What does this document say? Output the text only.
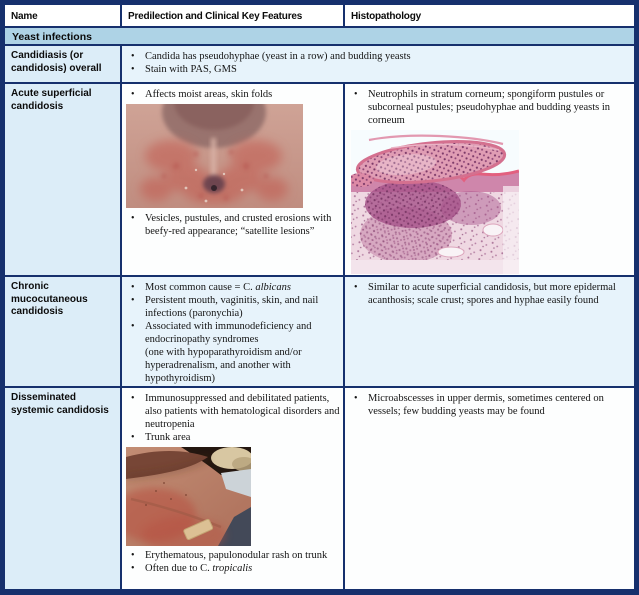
Name	Predilection and Clinical Key Features	Histopathology
Yeast infections
Candidiasis (or candidosis) overall
• Candida has pseudohyphae (yeast in a row) and budding yeasts
• Stain with PAS, GMS
Acute superficial candidosis
• Affects moist areas, skin folds
• Vesicles, pustules, and crusted erosions with beefy-red appearance; “satellite lesions”
• Neutrophils in stratum corneum; spongiform pustules or subcorneal pustules; pseudohyphae and budding yeasts in corneum
Chronic mucocutaneous candidosis
• Most common cause = C. albicans
• Persistent mouth, vaginitis, skin, and nail infections (paronychia)
• Associated with immunodeficiency and endocrinopathy syndromes
(one with hypoparathyroidism and/or hyperadrenalism, and another with hypothyroidism)
• Similar to acute superficial candidosis, but more epidermal acanthosis; scale crust; spores and hyphae easily found
Disseminated systemic candidosis
• Immunosuppressed and debilitated patients, also patients with hematological disorders and neutropenia
• Trunk area
• Erythematous, papulonodular rash on trunk
• Often due to C. tropicalis
• Microabscesses in upper dermis, sometimes centered on vessels; few budding yeasts may be found
